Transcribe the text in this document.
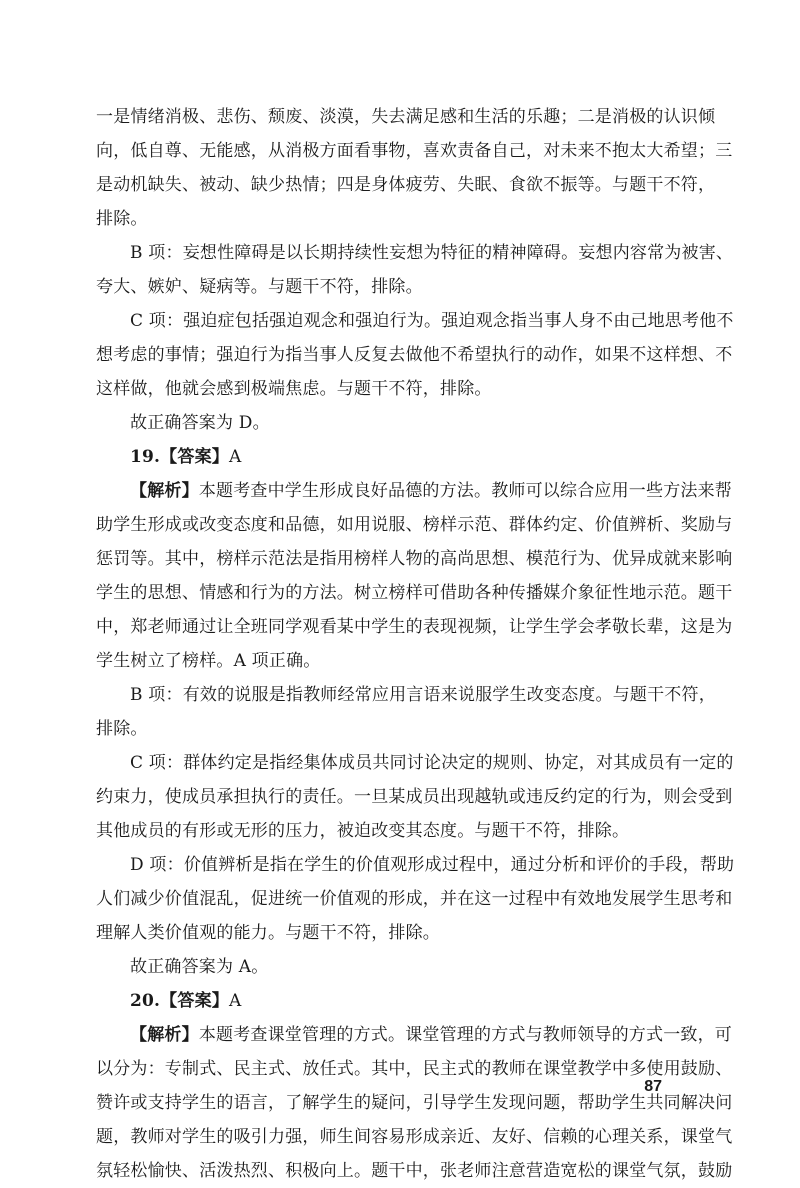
一是情绪消极、悲伤、颓废、淡漠，失去满足感和生活的乐趣；二是消极的认识倾
向，低自尊、无能感，从消极方面看事物，喜欢责备自己，对未来不抱太大希望；三
是动机缺失、被动、缺少热情；四是身体疲劳、失眠、食欲不振等。与题干不符，
排除。
B 项：妄想性障碍是以长期持续性妄想为特征的精神障碍。妄想内容常为被害、
夸大、嫉妒、疑病等。与题干不符，排除。
C 项：强迫症包括强迫观念和强迫行为。强迫观念指当事人身不由己地思考他不
想考虑的事情；强迫行为指当事人反复去做他不希望执行的动作，如果不这样想、不
这样做，他就会感到极端焦虑。与题干不符，排除。
故正确答案为 D。
19.【答案】A
【解析】本题考查中学生形成良好品德的方法。教师可以综合应用一些方法来帮
助学生形成或改变态度和品德，如用说服、榜样示范、群体约定、价值辨析、奖励与
惩罚等。其中，榜样示范法是指用榜样人物的高尚思想、模范行为、优异成就来影响
学生的思想、情感和行为的方法。树立榜样可借助各种传播媒介象征性地示范。题干
中，郑老师通过让全班同学观看某中学生的表现视频，让学生学会孝敬长辈，这是为
学生树立了榜样。A 项正确。
B 项：有效的说服是指教师经常应用言语来说服学生改变态度。与题干不符，
排除。
C 项：群体约定是指经集体成员共同讨论决定的规则、协定，对其成员有一定的
约束力，使成员承担执行的责任。一旦某成员出现越轨或违反约定的行为，则会受到
其他成员的有形或无形的压力，被迫改变其态度。与题干不符，排除。
D 项：价值辨析是指在学生的价值观形成过程中，通过分析和评价的手段，帮助
人们减少价值混乱，促进统一价值观的形成，并在这一过程中有效地发展学生思考和
理解人类价值观的能力。与题干不符，排除。
故正确答案为 A。
20.【答案】A
【解析】本题考查课堂管理的方式。课堂管理的方式与教师领导的方式一致，可
以分为：专制式、民主式、放任式。其中，民主式的教师在课堂教学中多使用鼓励、
赞许或支持学生的语言，了解学生的疑问，引导学生发现问题，帮助学生共同解决问
题，教师对学生的吸引力强，师生间容易形成亲近、友好、信赖的心理关系，课堂气
氛轻松愉快、活泼热烈、积极向上。题干中，张老师注意营造宽松的课堂气氛，鼓励
87
